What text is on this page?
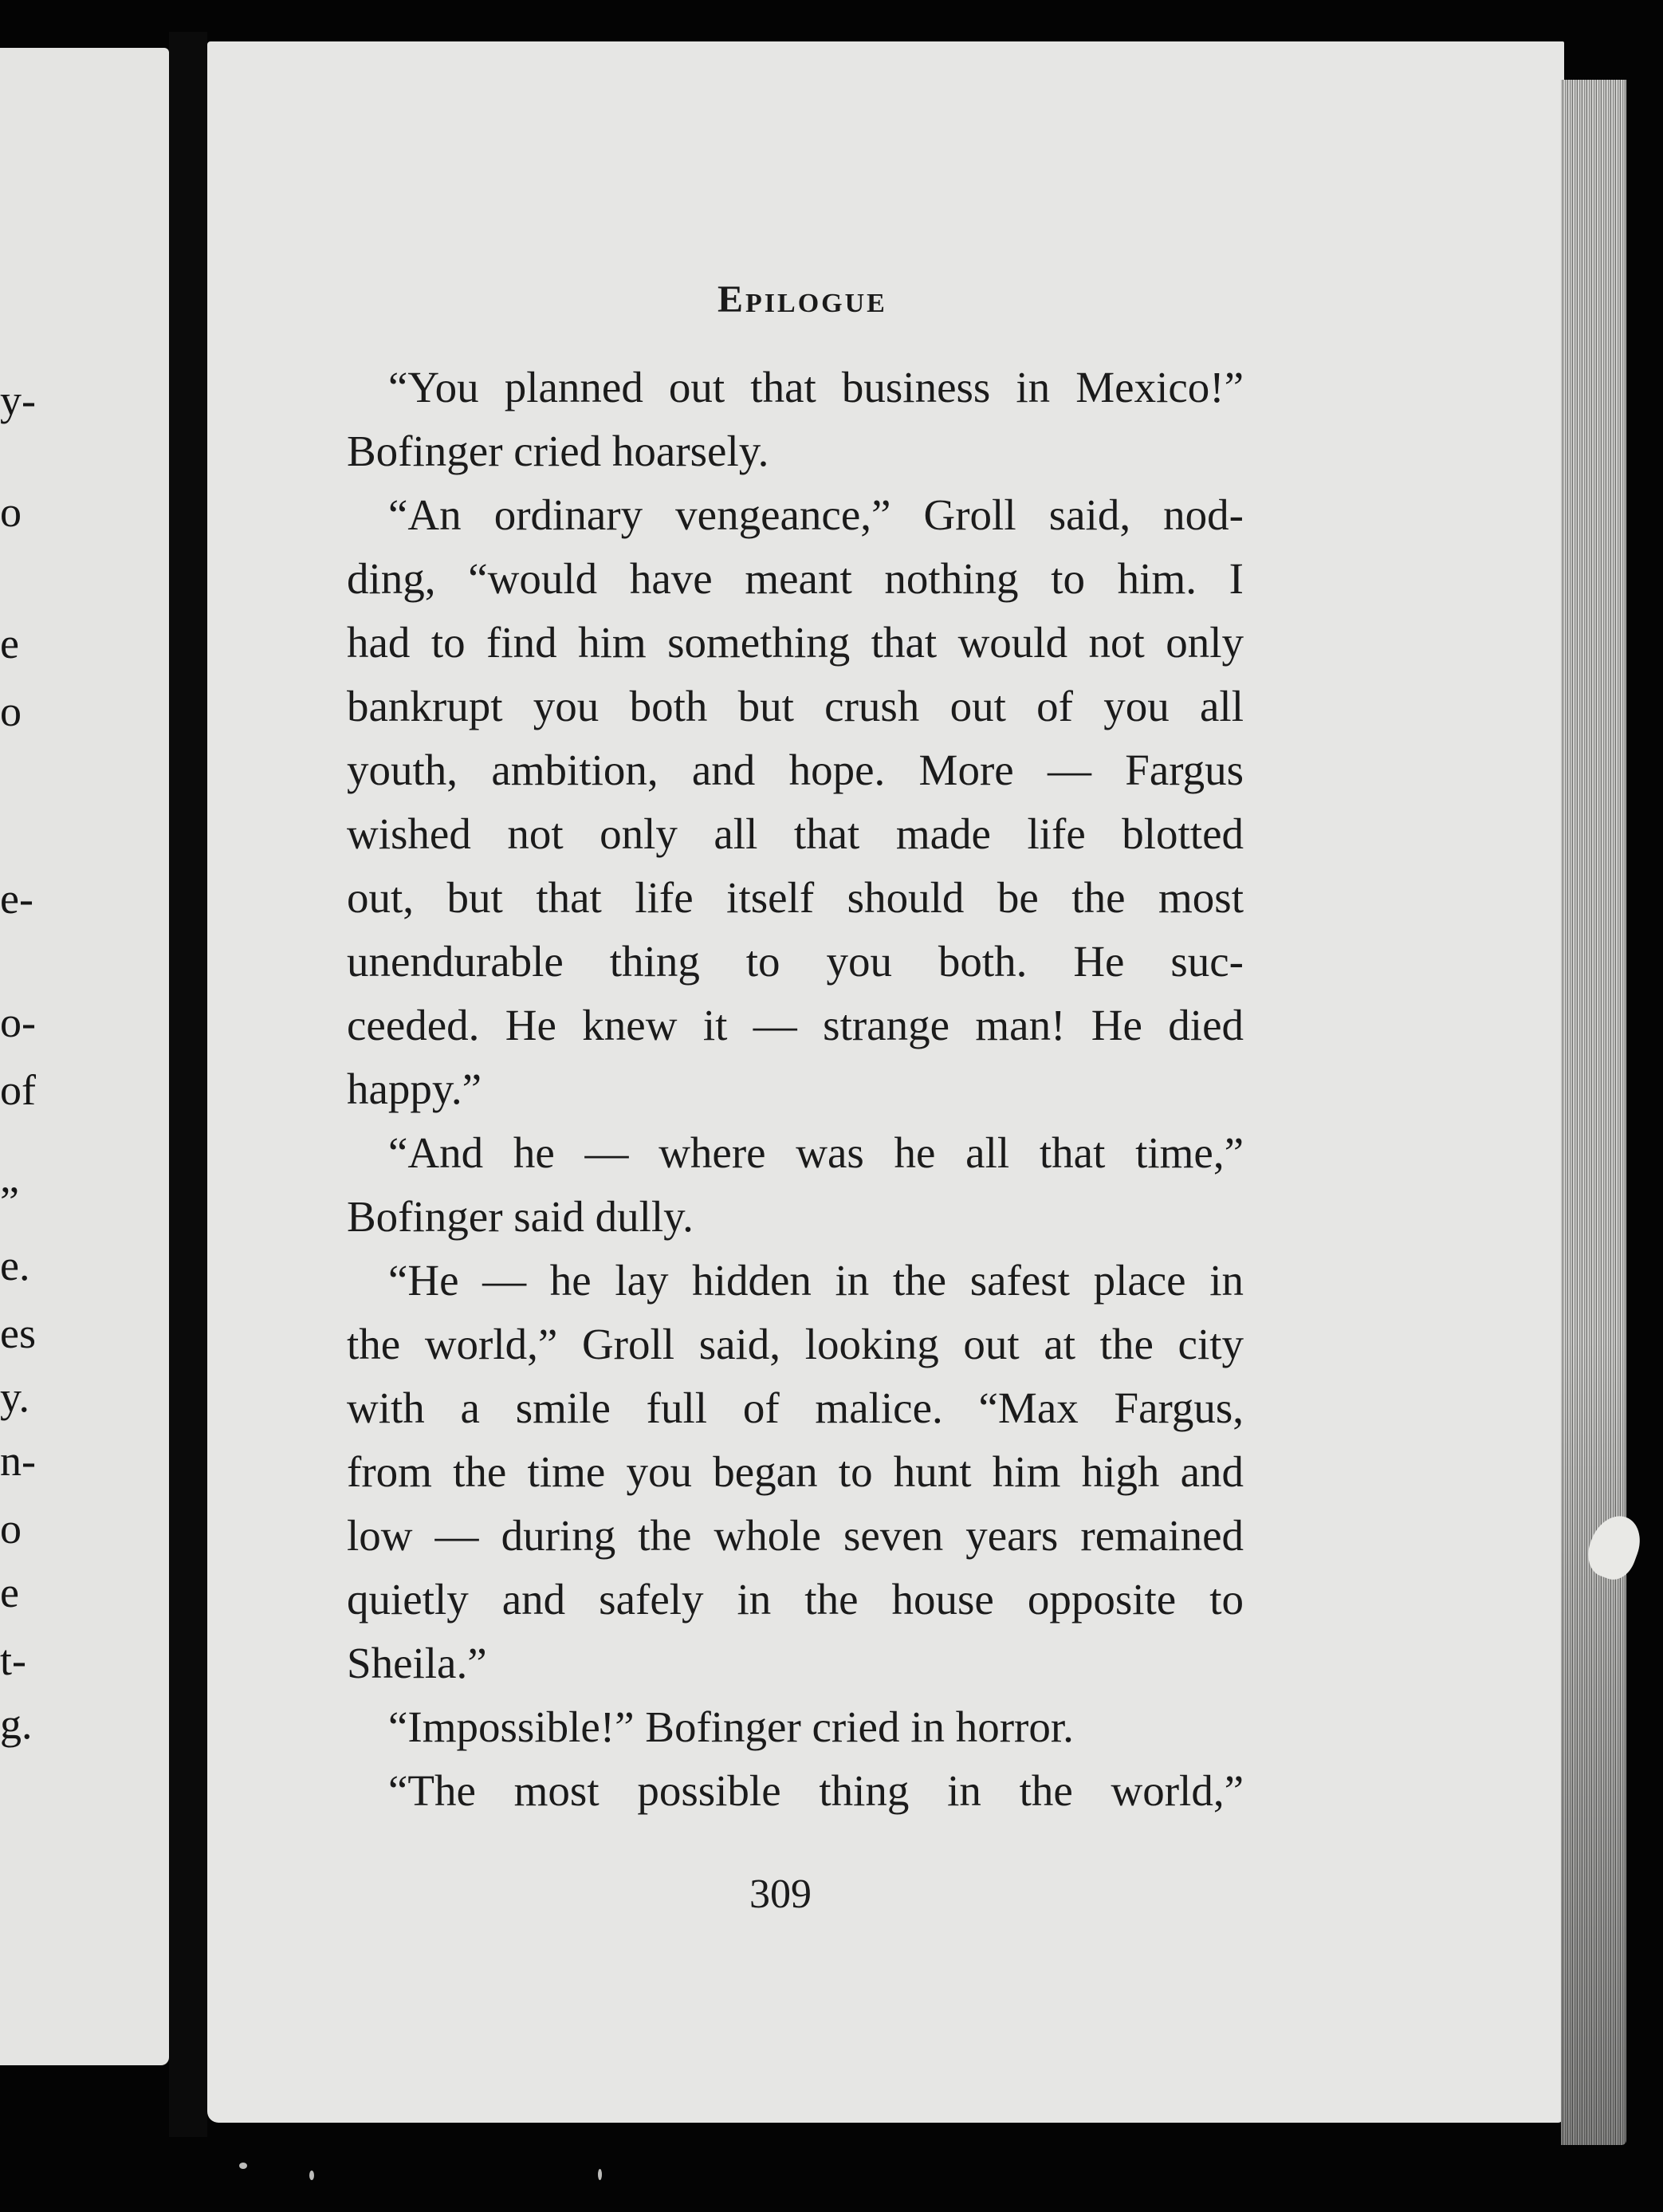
y-
o
e
o
e-
o-
of
”
e.
es
y.
n-
o
e
t-
g.
Epilogue
“You planned out that business in Mexico!”
Bofinger cried hoarsely.
“An ordinary vengeance,” Groll said, nod-
ding, “would have meant nothing to him. I
had to find him something that would not only
bankrupt you both but crush out of you all
youth, ambition, and hope. More — Fargus
wished not only all that made life blotted
out, but that life itself should be the most
unendurable thing to you both. He suc-
ceeded. He knew it — strange man! He died
happy.”
“And he — where was he all that time,”
Bofinger said dully.
“He — he lay hidden in the safest place in
the world,” Groll said, looking out at the city
with a smile full of malice. “Max Fargus,
from the time you began to hunt him high and
low — during the whole seven years remained
quietly and safely in the house opposite to
Sheila.”
“Impossible!” Bofinger cried in horror.
“The most possible thing in the world,”
309
